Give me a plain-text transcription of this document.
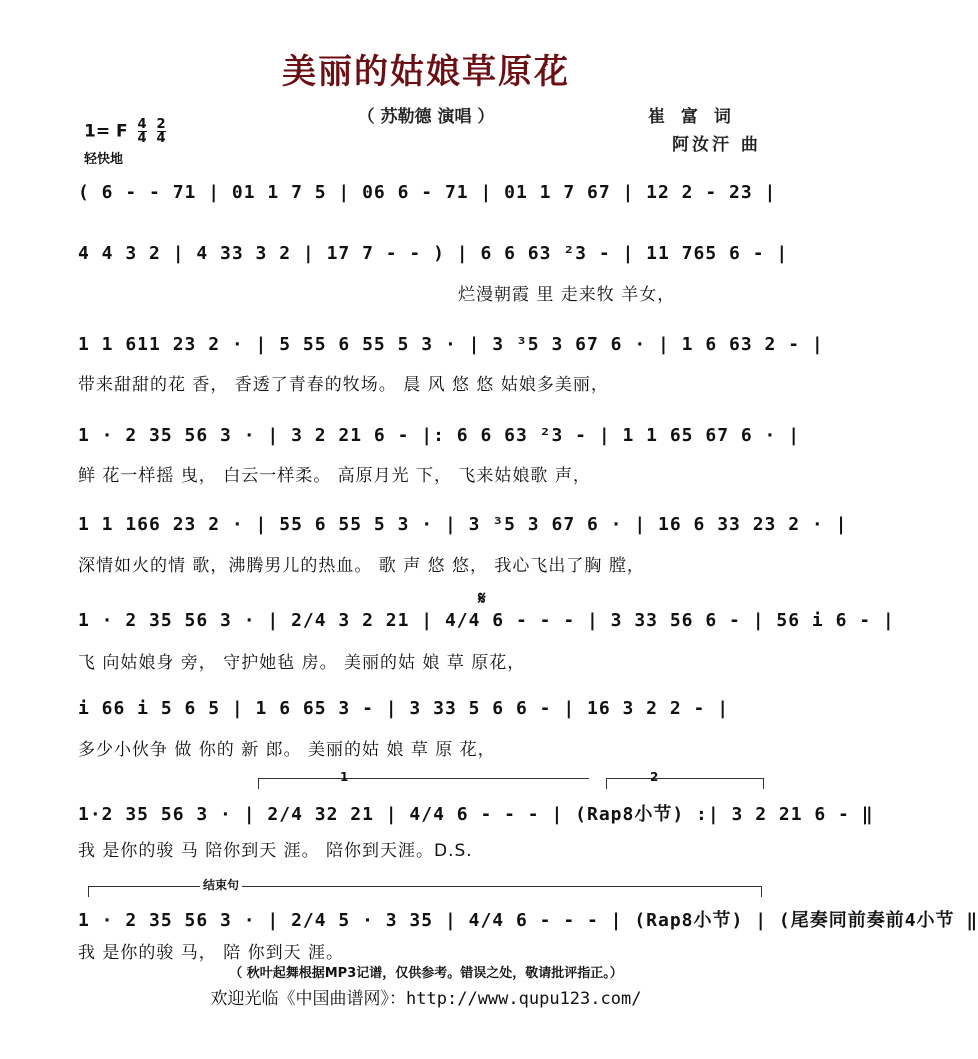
美丽的姑娘草原花
（ 苏勒德 演唱 ）	崔 富 词
阿汝汗 曲
1= F $\frac{4}{4}$
$\frac{2}{4}$
轻快地
( 6 - - 71 | 01 1 7 5 | 06 6 - 71 | 01 1 7 67 | 12 2 - 23 |
4 4 3 2 | 4 33 3 2 | 17 7 - - ) | 6 6 63 ²3 - | 11 765 6 - |
烂漫朝霞 里 走来牧 羊女，
1 1 611 23 2 · | 5 55 6 55 5 3 · | 3 ³5 3 67 6 · | 1 6 63 2 - |
带来甜甜的花 香， 香透了青春的牧场。 晨 风 悠 悠 姑娘多美丽，
1 · 2 35 56 3 · | 3 2 21 6 - |: 6 6 63 ²3 - | 1 1 65 67 6 · |
鲜 花一样摇 曳， 白云一样柔。 高原月光 下， 飞来姑娘歌 声，
1 1 166 23 2 · | 55 6 55 5 3 · | 3 ³5 3 67 6 · | 16 6 33 23 2 · |
深情如火的情 歌，沸腾男儿的热血。 歌 声 悠 悠， 我心飞出了胸 膛，
𝄋
1 · 2 35 56 3 · | 2/4 3 2 21 | 4/4 6 - - - | 3 33 56 6 - | 56 i 6 - |
飞 向姑娘身 旁， 守护她毡 房。 美丽的姑 娘 草 原花，
i 66 i 5 6 5 | 1 6 65 3 - | 3 33 5 6 6 - | 16 3 2 2 - |
多少小伙争 做 你的 新 郎。 美丽的姑 娘 草 原 花，
1	2
1·2 35 56 3 · | 2/4 32 21 | 4/4 6 - - - | (Rap8小节) :| 3 2 21 6 - ‖
我 是你的骏 马 陪你到天 涯。 陪你到天涯。D.S.
结束句
1 · 2 35 56 3 · | 2/4 5 · 3 35 | 4/4 6 - - - | (Rap8小节) | (尾奏同前奏前4小节 ‖
我 是你的骏 马， 陪 你到天 涯。
（ 秋叶起舞根据MP3记谱，仅供参考。错误之处，敬请批评指正。）
欢迎光临《中国曲谱网》：http://www.qupu123.com/
